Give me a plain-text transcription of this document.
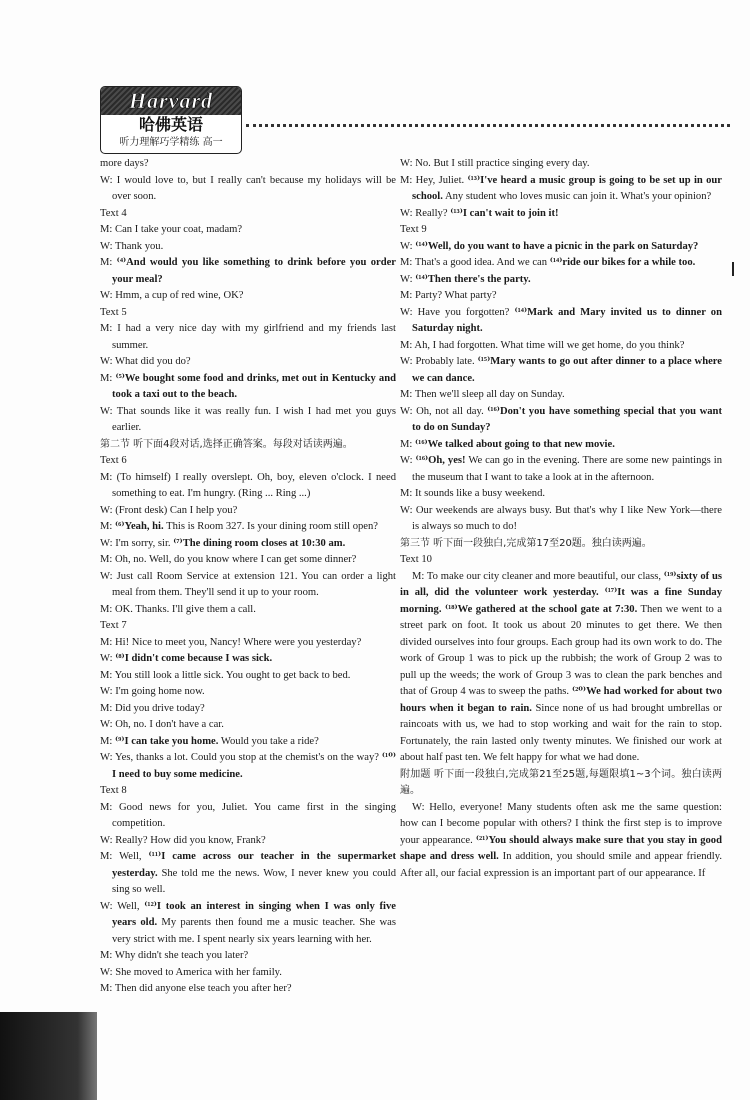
Harvard
哈佛英语
听力理解巧学精练 高一

more days?

W: I would love to, but I really can't because my holidays will be over soon.

Text 4

M: Can I take your coat, madam?

W: Thank you.

M: ⁽⁴⁾And would you like something to drink before you order your meal?

W: Hmm, a cup of red wine, OK?

Text 5

M: I had a very nice day with my girlfriend and my friends last summer.

W: What did you do?

M: ⁽⁵⁾We bought some food and drinks, met out in Kentucky and took a taxi out to the beach.

W: That sounds like it was really fun. I wish I had met you guys earlier.

第二节 听下面4段对话,选择正确答案。每段对话读两遍。

Text 6

M: (To himself) I really overslept. Oh, boy, eleven o'clock. I need something to eat. I'm hungry. (Ring ... Ring ...)

W: (Front desk) Can I help you?

M: ⁽⁶⁾Yeah, hi. This is Room 327. Is your dining room still open?

W: I'm sorry, sir. ⁽⁷⁾The dining room closes at 10:30 am.

M: Oh, no. Well, do you know where I can get some dinner?

W: Just call Room Service at extension 121. You can order a light meal from them. They'll send it up to your room.

M: OK. Thanks. I'll give them a call.

Text 7

M: Hi! Nice to meet you, Nancy! Where were you yesterday?

W: ⁽⁸⁾I didn't come because I was sick.

M: You still look a little sick. You ought to get back to bed.

W: I'm going home now.

M: Did you drive today?

W: Oh, no. I don't have a car.

M: ⁽⁹⁾I can take you home. Would you take a ride?

W: Yes, thanks a lot. Could you stop at the chemist's on the way? ⁽¹⁰⁾I need to buy some medicine.

Text 8

M: Good news for you, Juliet. You came first in the singing competition.

W: Really? How did you know, Frank?

M: Well, ⁽¹¹⁾I came across our teacher in the supermarket yesterday. She told me the news. Wow, I never knew you could sing so well.

W: Well, ⁽¹²⁾I took an interest in singing when I was only five years old. My parents then found me a music teacher. She was very strict with me. I spent nearly six years learning with her.

M: Why didn't she teach you later?

W: She moved to America with her family.

M: Then did anyone else teach you after her?

W: No. But I still practice singing every day.

M: Hey, Juliet. ⁽¹³⁾I've heard a music group is going to be set up in our school. Any student who loves music can join it. What's your opinion?

W: Really? ⁽¹³⁾I can't wait to join it!

Text 9

W: ⁽¹⁴⁾Well, do you want to have a picnic in the park on Saturday?

M: That's a good idea. And we can ⁽¹⁴⁾ride our bikes for a while too.

W: ⁽¹⁴⁾Then there's the party.

M: Party? What party?

W: Have you forgotten? ⁽¹⁴⁾Mark and Mary invited us to dinner on Saturday night.

M: Ah, I had forgotten. What time will we get home, do you think?

W: Probably late. ⁽¹⁵⁾Mary wants to go out after dinner to a place where we can dance.

M: Then we'll sleep all day on Sunday.

W: Oh, not all day. ⁽¹⁶⁾Don't you have something special that you want to do on Sunday?

M: ⁽¹⁶⁾We talked about going to that new movie.

W: ⁽¹⁶⁾Oh, yes! We can go in the evening. There are some new paintings in the museum that I want to take a look at in the afternoon.

M: It sounds like a busy weekend.

W: Our weekends are always busy. But that's why I like New York—there is always so much to do!

第三节 听下面一段独白,完成第17至20题。独白读两遍。

Text 10

M: To make our city cleaner and more beautiful, our class, ⁽¹⁹⁾sixty of us in all, did the volunteer work yesterday. ⁽¹⁷⁾It was a fine Sunday morning. ⁽¹⁸⁾We gathered at the school gate at 7:30. Then we went to a street park on foot. It took us about 20 minutes to get there. We then divided ourselves into four groups. Each group had its own work to do. The work of Group 1 was to pick up the rubbish; the work of Group 2 was to pull up the weeds; the work of Group 3 was to clean the park benches and that of Group 4 was to sweep the paths. ⁽²⁰⁾We had worked for about two hours when it began to rain. Since none of us had brought umbrellas or raincoats with us, we had to stop working and wait for the rain to stop. Fortunately, the rain lasted only twenty minutes. We finished our work at about half past ten. We felt happy for what we had done.

附加题 听下面一段独白,完成第21至25题,每题限填1~3个词。独白读两遍。

W: Hello, everyone! Many students often ask me the same question: how can I become popular with others? I think the first step is to improve your appearance. ⁽²¹⁾You should always make sure that you stay in good shape and dress well. In addition, you should smile and appear friendly. After all, our facial expression is an important part of our appearance. If
